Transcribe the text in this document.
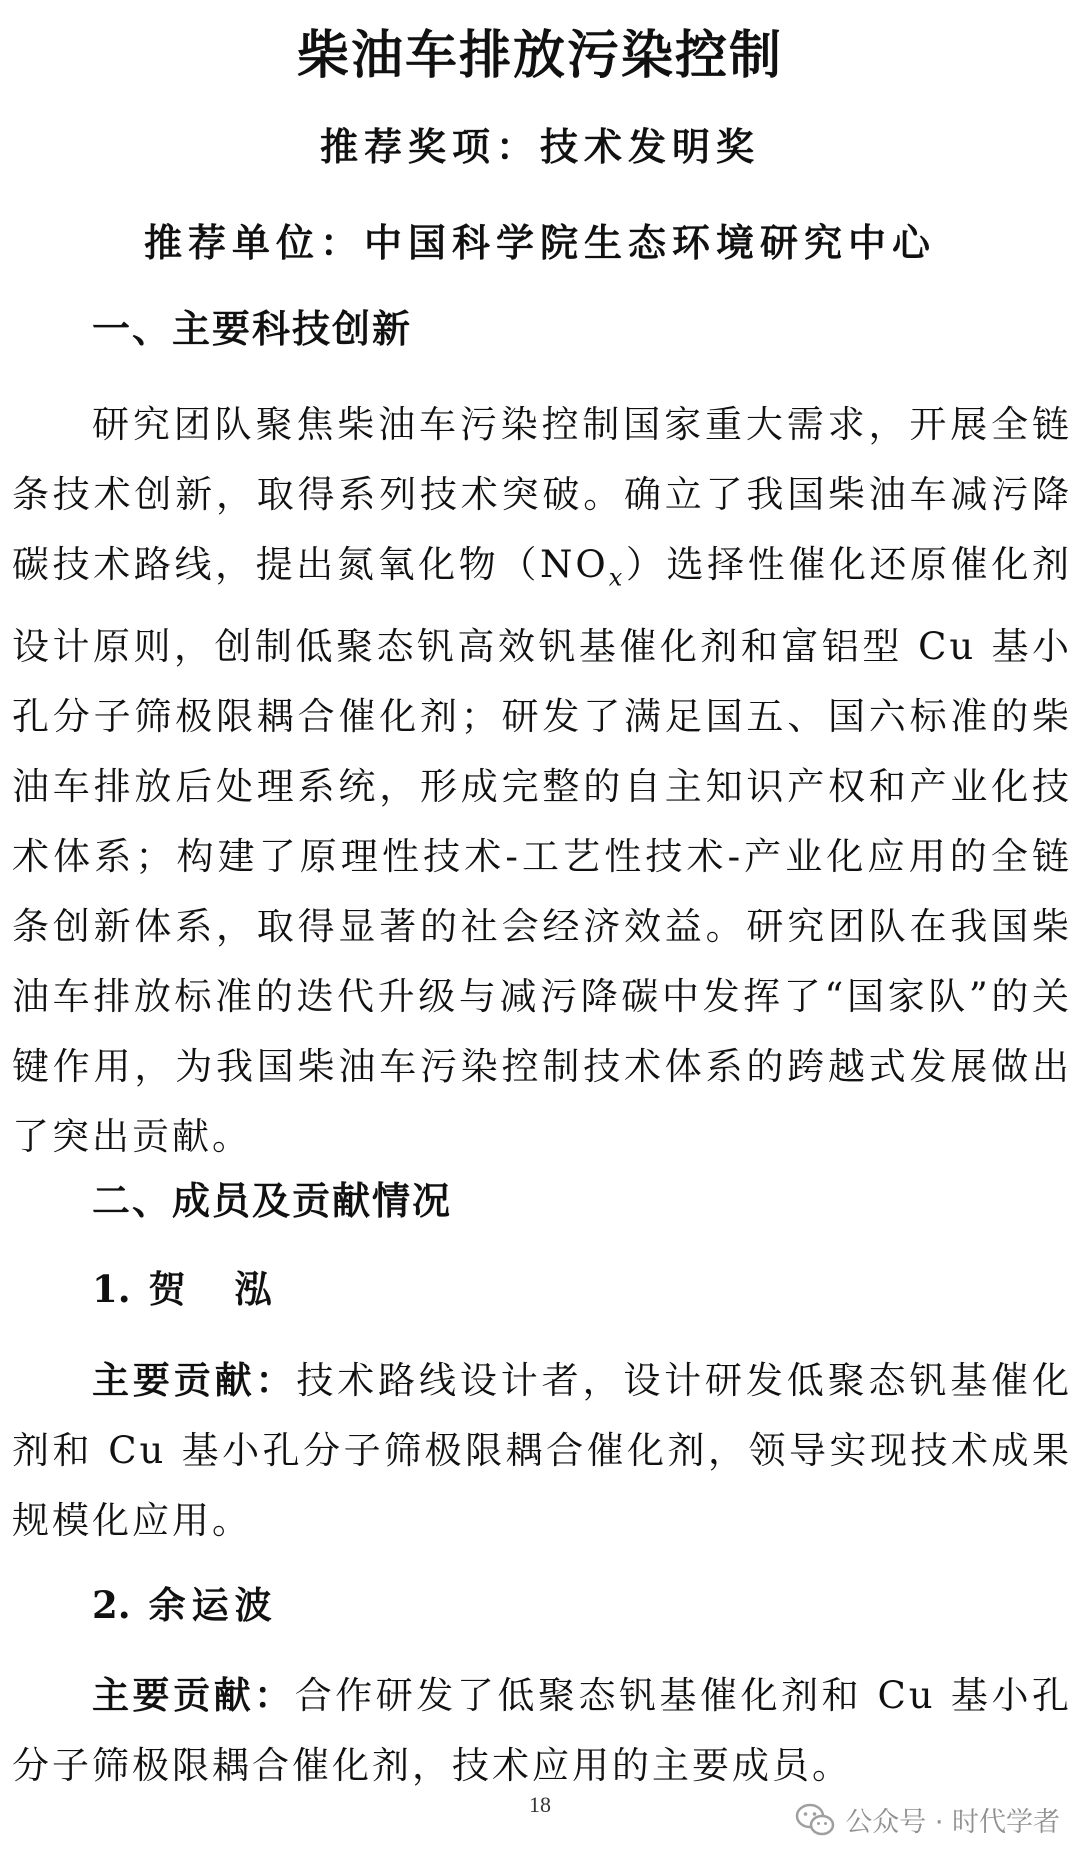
柴油车排放污染控制
推荐奖项：技术发明奖
推荐单位：中国科学院生态环境研究中心
一、主要科技创新

研究团队聚焦柴油车污染控制国家重大需求，开展全链条技术创新，取得系列技术突破。确立了我国柴油车减污降碳技术路线，提出氮氧化物$(NO_x)$选择性催化还原催化剂设计原则，创制低聚态钒高效钒基催化剂和富铝型 Cu 基小孔分子筛极限耦合催化剂；研发了满足国五、国六标准的柴油车排放后处理系统，形成完整的自主知识产权和产业化技术体系；构建了原理性技术-工艺性技术-产业化应用的全链条创新体系，取得显著的社会经济效益。研究团队在我国柴油车排放标准的迭代升级与减污降碳中发挥了“国家队”的关键作用，为我国柴油车污染控制技术体系的跨越式发展做出了突出贡献。

二、成员及贡献情况
1. 贺　泓

主要贡献：技术路线设计者，设计研发低聚态钒基催化剂和 Cu 基小孔分子筛极限耦合催化剂，领导实现技术成果规模化应用。

2. 余运波

主要贡献：合作研发了低聚态钒基催化剂和 Cu 基小孔分子筛极限耦合催化剂，技术应用的主要成员。

18
公众号 · 时代学者
